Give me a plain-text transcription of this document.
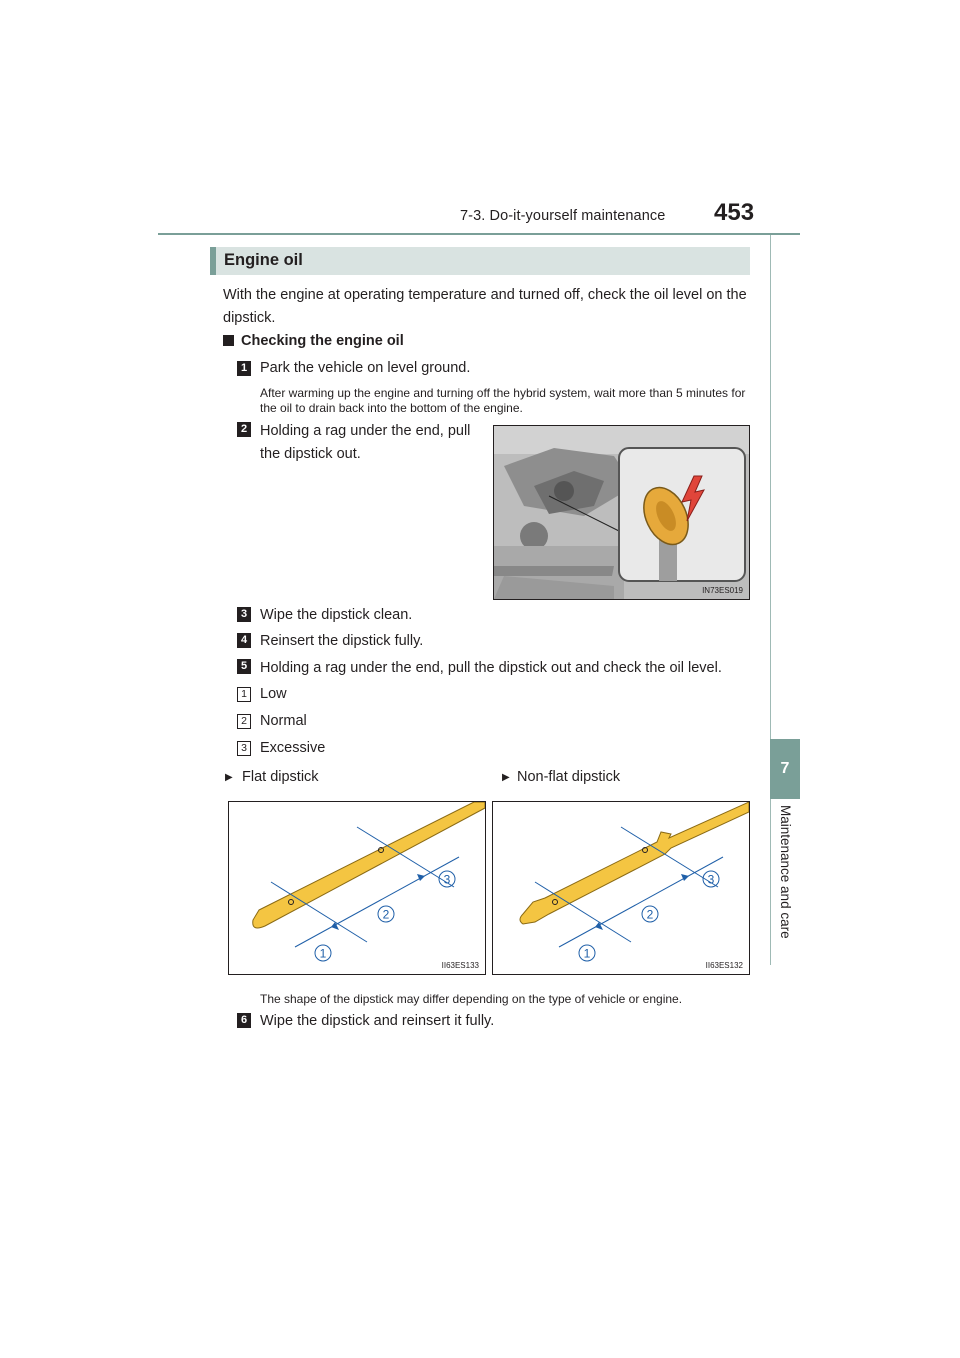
7-3. Do-it-yourself maintenance 453
7
Maintenance and care
Engine oil
With the engine at operating temperature and turned off, check the oil level on the dipstick.
Checking the engine oil
1 Park the vehicle on level ground.
After warming up the engine and turning off the hybrid system, wait more than 5 minutes for the oil to drain back into the bottom of the engine.
2 Holding a rag under the end, pull
the dipstick out.
IN73ES019
3 Wipe the dipstick clean.
4 Reinsert the dipstick fully.
5 Holding a rag under the end, pull the dipstick out and check the oil level.
1 Low
2 Normal
3 Excessive
▶ Flat dipstick	▶ Non-flat dipstick
1
2
3
II63ES133
1
2
3
II63ES132
The shape of the dipstick may differ depending on the type of vehicle or engine.
6 Wipe the dipstick and reinsert it fully.
